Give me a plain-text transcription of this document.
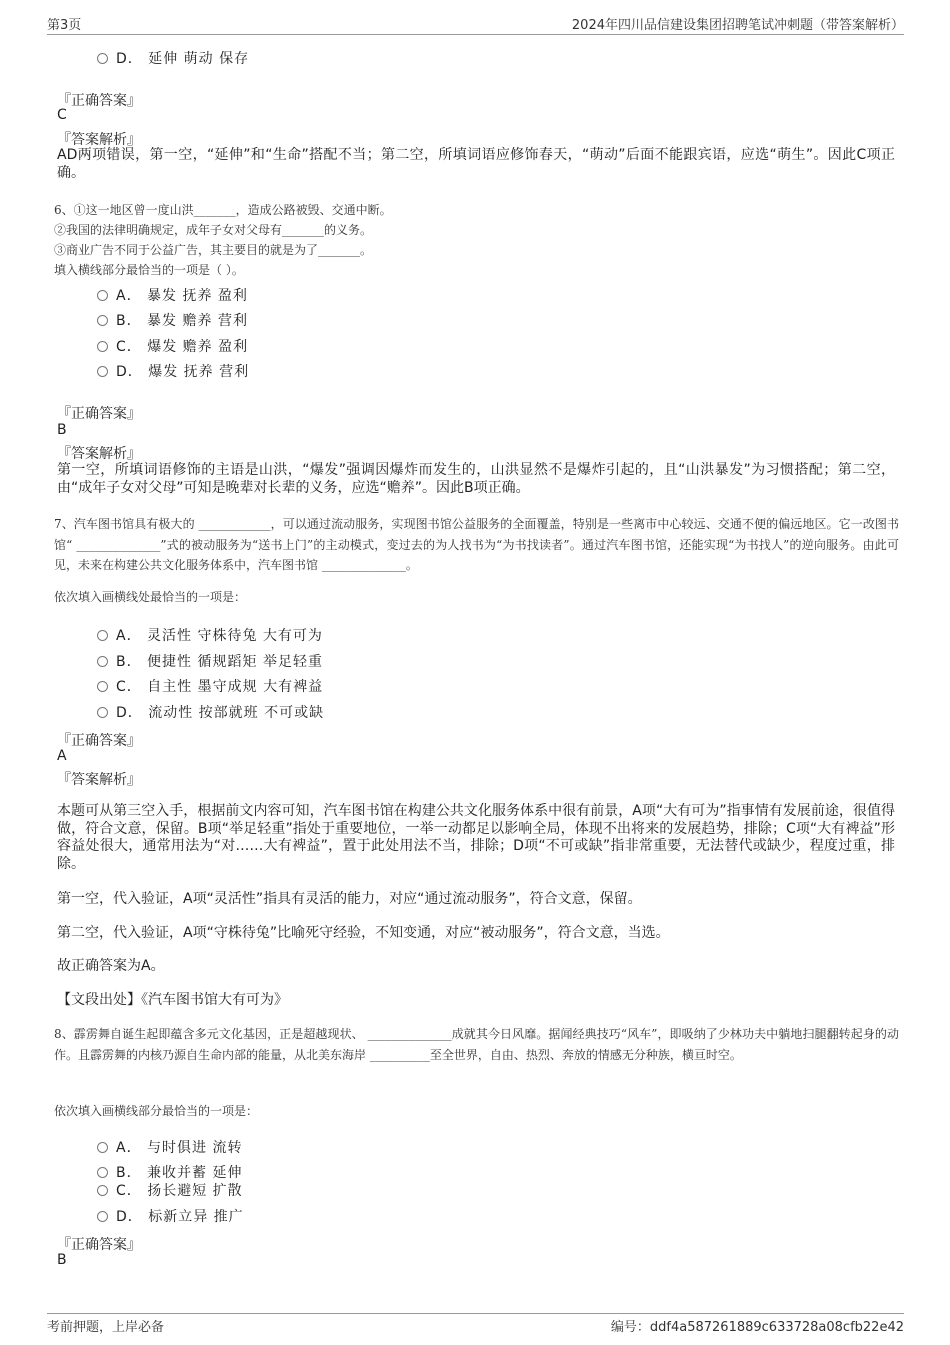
第3页	2024年四川品信建设集团招聘笔试冲刺题（带答案解析）
D． 延伸 萌动 保存
『正确答案』
C
『答案解析』
AD两项错误，第一空，“延伸”和“生命”搭配不当；第二空，所填词语应修饰春天，“萌动”后面不能跟宾语，应选“萌生”。因此C项正确。
6、①这一地区曾一度山洪_______，造成公路被毁、交通中断。
②我国的法律明确规定，成年子女对父母有_______的义务。
③商业广告不同于公益广告，其主要目的就是为了_______。
填入横线部分最恰当的一项是（ ）。
A． 暴发 抚养 盈利
B． 暴发 赡养 营利
C． 爆发 赡养 盈利
D． 爆发 抚养 营利
『正确答案』
B
『答案解析』
第一空，所填词语修饰的主语是山洪，“爆发”强调因爆炸而发生的，山洪显然不是爆炸引起的，且“山洪暴发”为习惯搭配；第二空，由“成年子女对父母”可知是晚辈对长辈的义务，应选“赡养”。因此B项正确。
7、汽车图书馆具有极大的 ____________，可以通过流动服务，实现图书馆公益服务的全面覆盖，特别是一些离市中心较远、交通不便的偏远地区。它一改图书馆“ ______________”式的被动服务为“送书上门”的主动模式，变过去的为人找书为“为书找读者”。通过汽车图书馆，还能实现“为书找人”的逆向服务。由此可见，未来在构建公共文化服务体系中，汽车图书馆 ______________。
依次填入画横线处最恰当的一项是：
A． 灵活性 守株待兔 大有可为
B． 便捷性 循规蹈矩 举足轻重
C． 自主性 墨守成规 大有裨益
D． 流动性 按部就班 不可或缺
『正确答案』
A
『答案解析』
本题可从第三空入手，根据前文内容可知，汽车图书馆在构建公共文化服务体系中很有前景，A项“大有可为”指事情有发展前途，很值得做，符合文意，保留。B项“举足轻重”指处于重要地位，一举一动都足以影响全局，体现不出将来的发展趋势，排除；C项“大有裨益”形容益处很大，通常用法为“对……大有裨益”，置于此处用法不当，排除；D项“不可或缺”指非常重要，无法替代或缺少，程度过重，排除。
第一空，代入验证，A项“灵活性”指具有灵活的能力，对应“通过流动服务”，符合文意，保留。
第二空，代入验证，A项“守株待兔”比喻死守经验，不知变通，对应“被动服务”，符合文意，当选。
故正确答案为A。
【文段出处】《汽车图书馆大有可为》
8、霹雳舞自诞生起即蕴含多元文化基因，正是超越现状、 ______________成就其今日风靡。据闻经典技巧“风车”，即吸纳了少林功夫中躺地扫腿翻转起身的动作。且霹雳舞的内核乃源自生命内部的能量，从北美东海岸 __________至全世界，自由、热烈、奔放的情感无分种族，横亘时空。
依次填入画横线部分最恰当的一项是：
A． 与时俱进 流转
B． 兼收并蓄 延伸
C． 扬长避短 扩散
D． 标新立异 推广
『正确答案』
B
考前押题，上岸必备	编号：ddf4a587261889c633728a08cfb22e42
